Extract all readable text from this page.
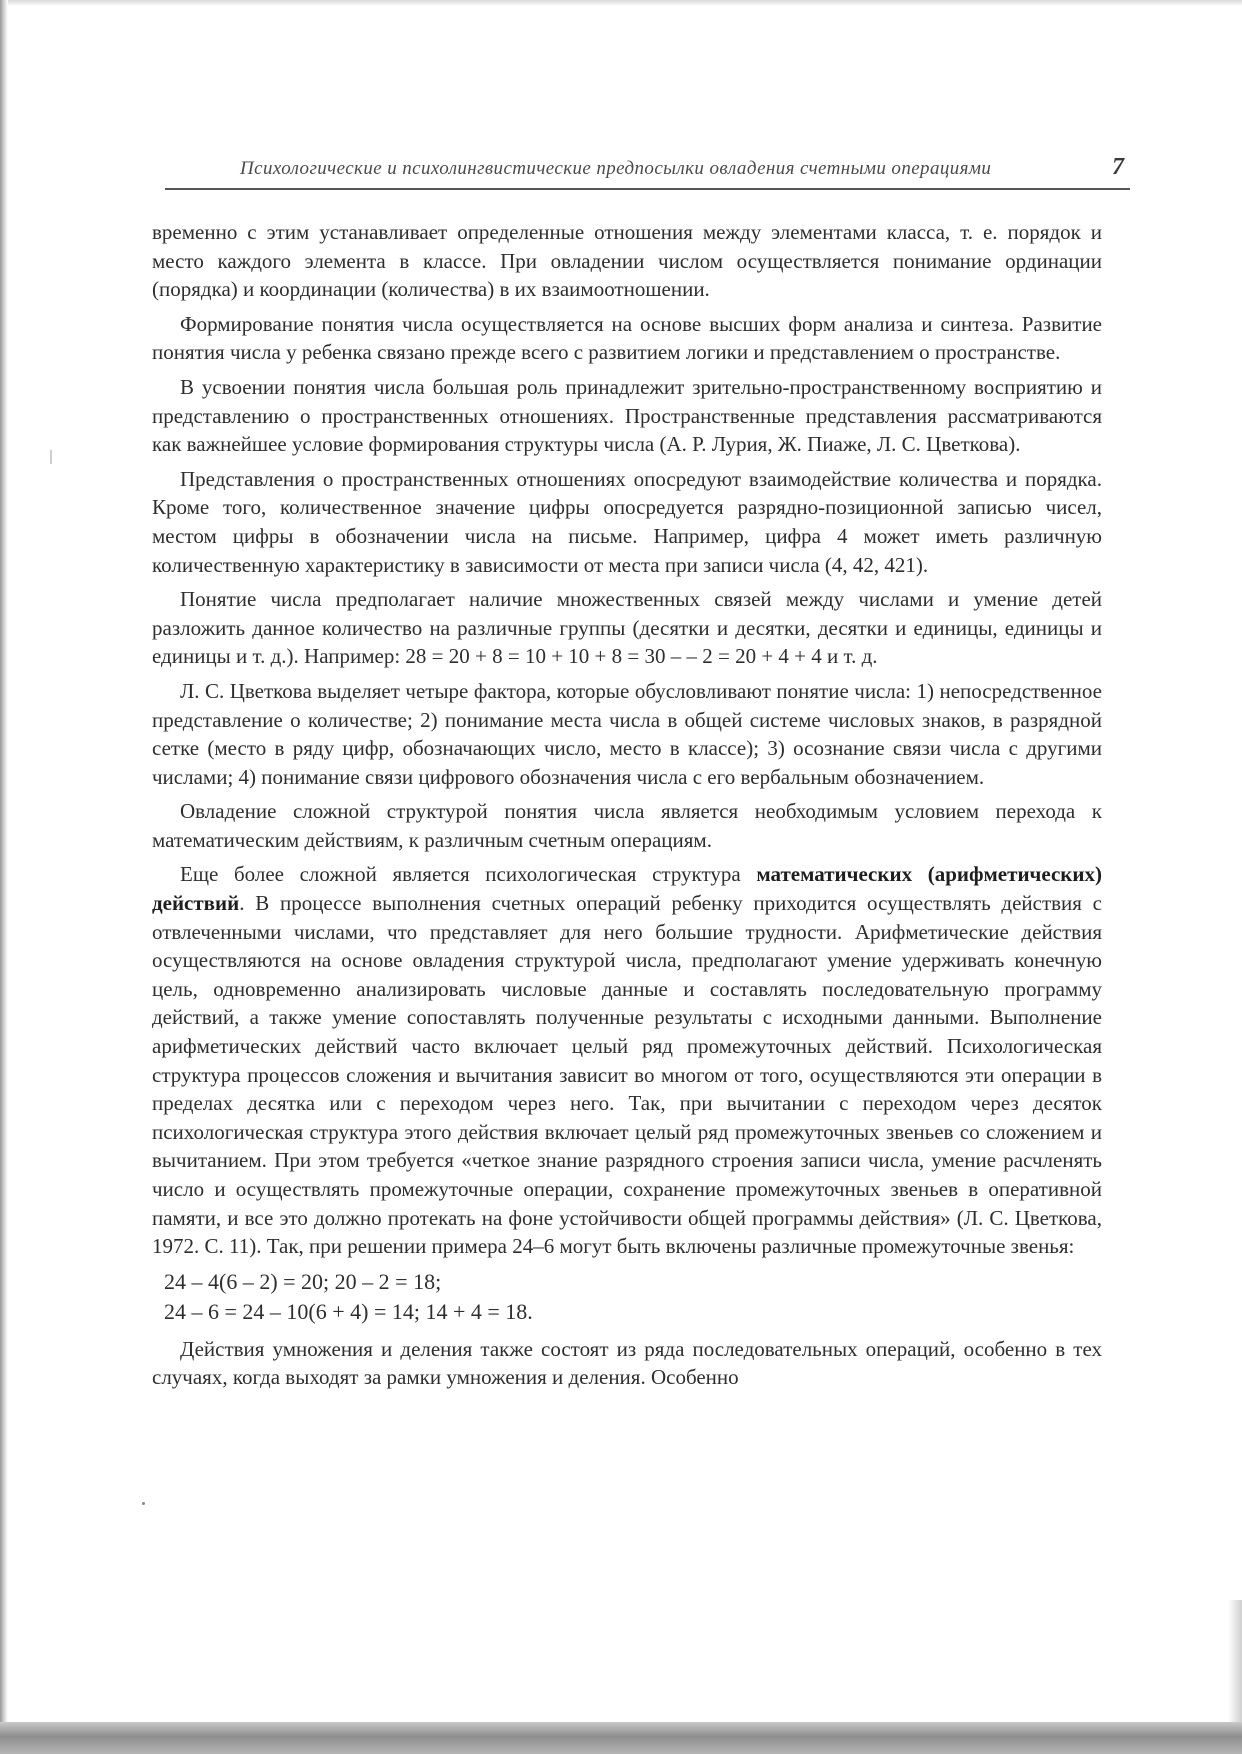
Психологические и психолингвистические предпосылки овладения счетными операциями	7

временно с этим устанавливает определенные отношения между элементами класса, т. е. порядок и место каждого элемента в классе. При овладении числом осуществляется понимание ординации (порядка) и координации (количества) в их взаимоотношении.

Формирование понятия числа осуществляется на основе высших форм анализа и синтеза. Развитие понятия числа у ребенка связано прежде всего с развитием логики и представлением о пространстве.

В усвоении понятия числа большая роль принадлежит зрительно-пространственному восприятию и представлению о пространственных отношениях. Пространственные представления рассматриваются как важнейшее условие формирования структуры числа (А. Р. Лурия, Ж. Пиаже, Л. С. Цветкова).

Представления о пространственных отношениях опосредуют взаимодействие количества и порядка. Кроме того, количественное значение цифры опосредуется разрядно-позиционной записью чисел, местом цифры в обозначении числа на письме. Например, цифра 4 может иметь различную количественную характеристику в зависимости от места при записи числа (4, 42, 421).

Понятие числа предполагает наличие множественных связей между числами и умение детей разложить данное количество на различные группы (десятки и десятки, десятки и единицы, единицы и единицы и т. д.). Например: 28 = 20 + 8 = 10 + 10 + 8 = 30 – – 2 = 20 + 4 + 4 и т. д.

Л. С. Цветкова выделяет четыре фактора, которые обусловливают понятие числа: 1) непосредственное представление о количестве; 2) понимание места числа в общей системе числовых знаков, в разрядной сетке (место в ряду цифр, обозначающих число, место в классе); 3) осознание связи числа с другими числами; 4) понимание связи цифрового обозначения числа с его вербальным обозначением.

Овладение сложной структурой понятия числа является необходимым условием перехода к математическим действиям, к различным счетным операциям.

Еще более сложной является психологическая структура математических (арифметических) действий. В процессе выполнения счетных операций ребенку приходится осуществлять действия с отвлеченными числами, что представляет для него большие трудности. Арифметические действия осуществляются на основе овладения структурой числа, предполагают умение удерживать конечную цель, одновременно анализировать числовые данные и составлять последовательную программу действий, а также умение сопоставлять полученные результаты с исходными данными. Выполнение арифметических действий часто включает целый ряд промежуточных действий. Психологическая структура процессов сложения и вычитания зависит во многом от того, осуществляются эти операции в пределах десятка или с переходом через него. Так, при вычитании с переходом через десяток психологическая структура этого действия включает целый ряд промежуточных звеньев со сложением и вычитанием. При этом требуется «четкое знание разрядного строения записи числа, умение расчленять число и осуществлять промежуточные операции, сохранение промежуточных звеньев в оперативной памяти, и все это должно протекать на фоне устойчивости общей программы действия» (Л. С. Цветкова, 1972. С. 11). Так, при решении примера 24–6 могут быть включены различные промежуточные звенья:

24 – 4(6 – 2) = 20; 20 – 2 = 18;
24 – 6 = 24 – 10(6 + 4) = 14; 14 + 4 = 18.

Действия умножения и деления также состоят из ряда последовательных операций, особенно в тех случаях, когда выходят за рамки умножения и деления. Особенно
